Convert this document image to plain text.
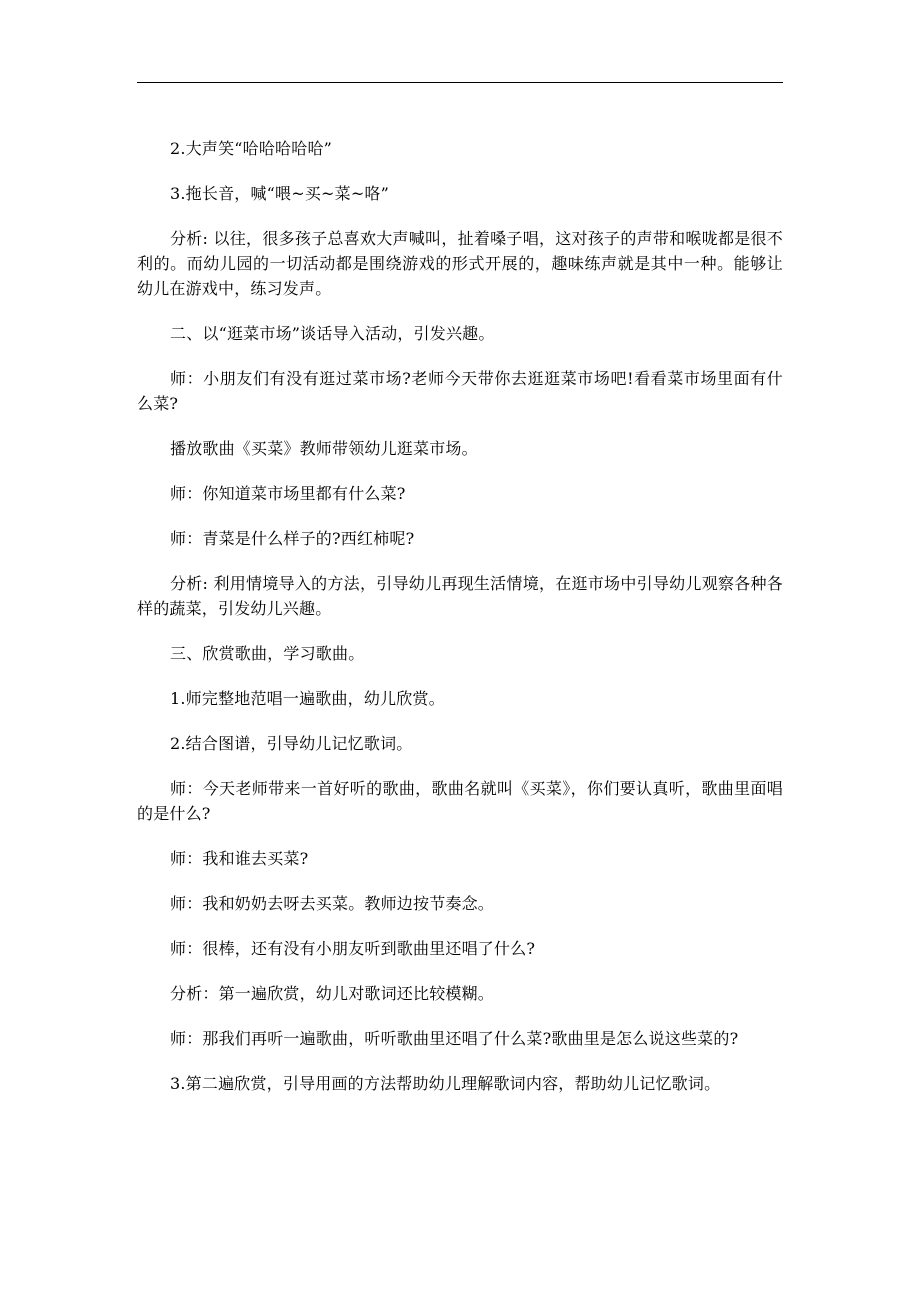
2.大声笑“哈哈哈哈哈”

3.拖长音，喊“喂~买~菜~咯”

分析: 以往，很多孩子总喜欢大声喊叫，扯着嗓子唱，这对孩子的声带和喉咙都是很不利的。而幼儿园的一切活动都是围绕游戏的形式开展的，趣味练声就是其中一种。能够让幼儿在游戏中，练习发声。

二、以“逛菜市场”谈话导入活动，引发兴趣。

师：小朋友们有没有逛过菜市场?老师今天带你去逛逛菜市场吧!看看菜市场里面有什么菜?

播放歌曲《买菜》教师带领幼儿逛菜市场。

师：你知道菜市场里都有什么菜?

师：青菜是什么样子的?西红柿呢?

分析: 利用情境导入的方法，引导幼儿再现生活情境，在逛市场中引导幼儿观察各种各样的蔬菜，引发幼儿兴趣。

三、欣赏歌曲，学习歌曲。

1.师完整地范唱一遍歌曲，幼儿欣赏。

2.结合图谱，引导幼儿记忆歌词。

师：今天老师带来一首好听的歌曲，歌曲名就叫《买菜》，你们要认真听，歌曲里面唱的是什么?

师：我和谁去买菜?

师：我和奶奶去呀去买菜。教师边按节奏念。

师：很棒，还有没有小朋友听到歌曲里还唱了什么?

分析：第一遍欣赏，幼儿对歌词还比较模糊。

师：那我们再听一遍歌曲，听听歌曲里还唱了什么菜?歌曲里是怎么说这些菜的?

3.第二遍欣赏，引导用画的方法帮助幼儿理解歌词内容，帮助幼儿记忆歌词。
